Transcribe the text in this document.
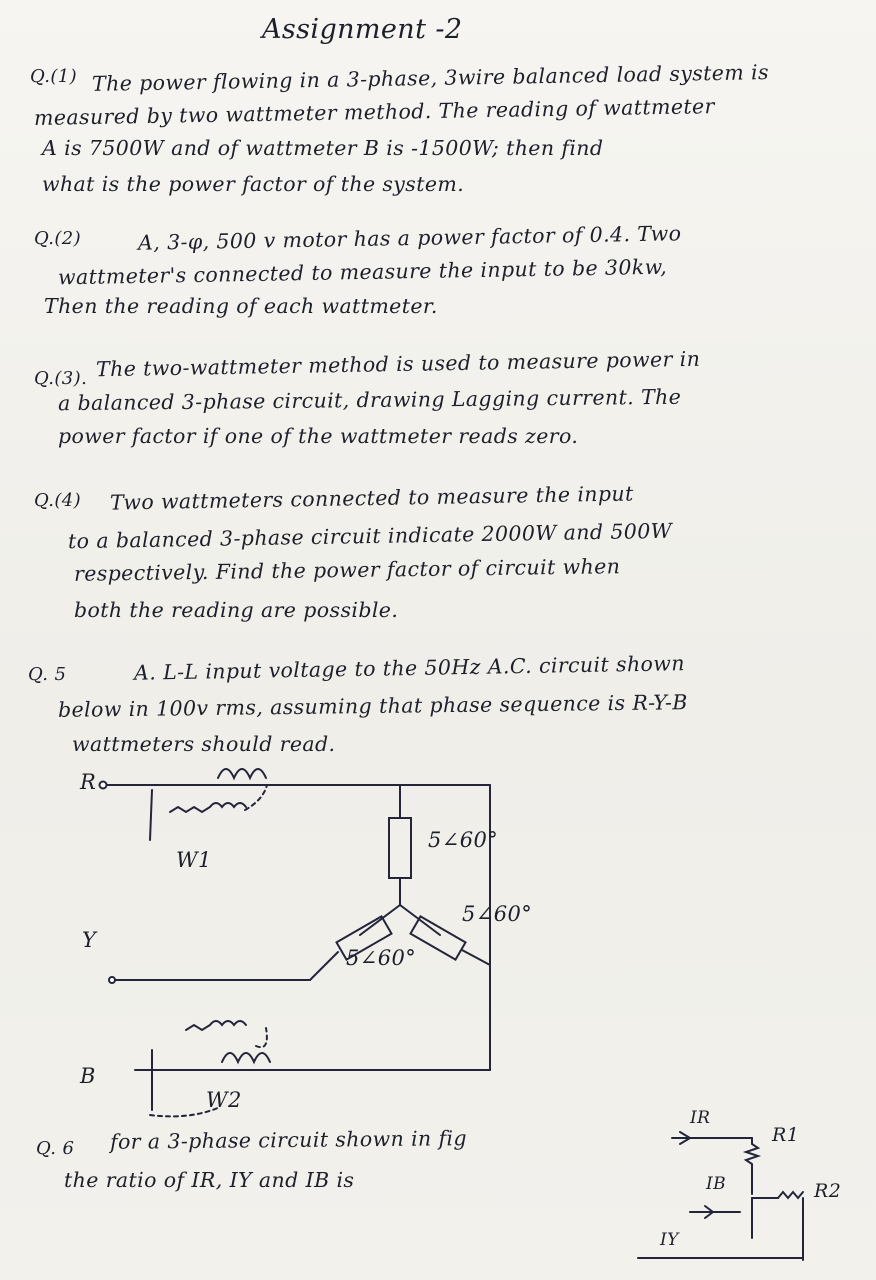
Assignment -2
Q.(1) The power flowing in a 3-phase, 3wire balanced load system is
measured by two wattmeter method. The reading of wattmeter
A is 7500W and of wattmeter B is -1500W; then find
what is the power factor of the system.
Q.(2)	A, 3-φ, 500 v motor has a power factor of 0.4. Two
wattmeter's connected to measure the input to be 30kw,
Then the reading of each wattmeter.
Q.(3). The two-wattmeter method is used to measure power in
a balanced 3-phase circuit, drawing Lagging current. The
power factor if one of the wattmeter reads zero.
Q.(4) Two wattmeters connected to measure the input
to a balanced 3-phase circuit indicate 2000W and 500W
respectively. Find the power factor of circuit when
both the reading are possible.
Q. 5	A. L-L input voltage to the 50Hz A.C. circuit shown
below in 100v rms, assuming that phase sequence is R-Y-B
wattmeters should read.
R
Y
B
W1
W2
5∠60°
5∠60°
5∠60°
Q. 6 for a 3-phase circuit shown in fig
the ratio of IR, IY and IB is
IR
IB
IY
R1
R2
